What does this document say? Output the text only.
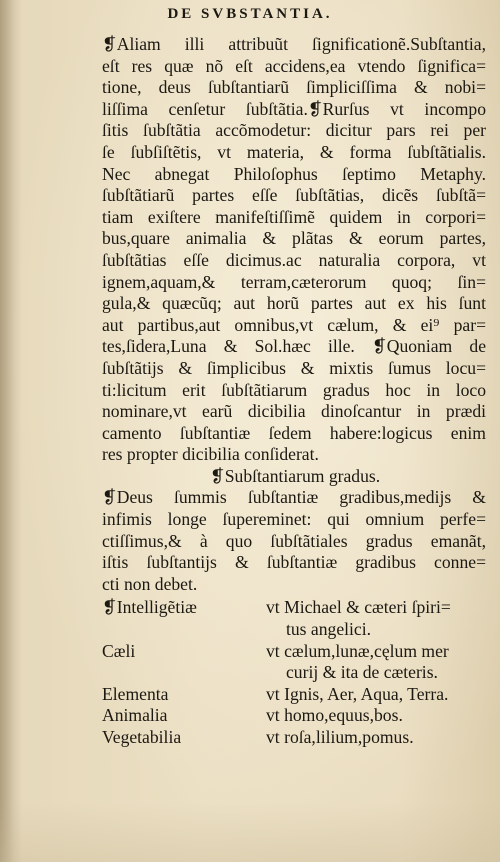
DE SVBSTANTIA.
❡Aliam illi attribuũt ſignificationẽ.Subſtantia,
eſt res quæ nõ eſt accidens,ea vtendo ſignifica=
tione, deus ſubſtantiarũ ſimpliciſſima & nobi=
liſſima cenſetur ſubſtãtia.❡Rurſus vt incompo
ſitis ſubſtãtia accõmodetur: dicitur pars rei per
ſe ſubſiſtẽtis, vt materia, & forma ſubſtãtialis.
Nec abnegat Philoſophus ſeptimo Metaphy.
ſubſtãtiarũ partes eſſe ſubſtãtias, dicẽs ſubſtã=
tiam exiſtere manifeſtiſſimẽ quidem in corpori=
bus,quare animalia & plãtas & eorum partes,
ſubſtãtias eſſe dicimus.ac naturalia corpora, vt
ignem,aquam,& terram,cæterorum quoq; ſin=
gula,& quæcũq; aut horũ partes aut ex his ſunt
aut partibus,aut omnibus,vt cælum, & ei⁹ par=
tes,ſidera,Luna & Sol.hæc ille. ❡Quoniam de
ſubſtãtijs & ſimplicibus & mixtis ſumus locu=
ti:licitum erit ſubſtãtiarum gradus hoc in loco
nominare,vt earũ dicibilia dinoſcantur in prædi
camento ſubſtantiæ ſedem habere:logicus enim
res propter dicibilia conſiderat.
❡Subſtantiarum gradus.
❡Deus ſummis ſubſtantiæ gradibus,medijs &
infimis longe ſupereminet: qui omnium perfe=
ctiſſimus,& à quo ſubſtãtiales gradus emanãt,
iſtis ſubſtantijs & ſubſtantiæ gradibus conne=
cti non debet.
❡Intelligẽtiæ	vt Michael & cæteri ſpiri=
tus angelici.
Cæli	vt cælum,lunæ,cęlum mer
curij & ita de cæteris.
Elementa	vt Ignis, Aer, Aqua, Terra.
Animalia	vt homo,equus,bos.
Vegetabilia	vt roſa,lilium,pomus.
